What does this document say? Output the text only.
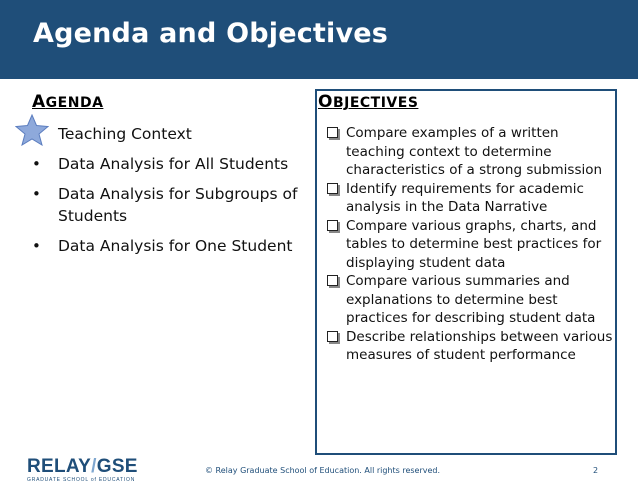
Agenda and Objectives
AGENDA
Teaching Context
• Data Analysis for All Students
• Data Analysis for Subgroups of Students
• Data Analysis for One Student
OBJECTIVES
Compare examples of a written teaching context to determine characteristics of a strong submission
Identify requirements for academic analysis in the Data Narrative
Compare various graphs, charts, and tables to determine best practices for displaying student data
Compare various summaries and explanations to determine best practices for describing student data
Describe relationships between various measures of student performance
RELAY/GSE
GRADUATE SCHOOL of EDUCATION
© Relay Graduate School of Education. All rights reserved.	2
